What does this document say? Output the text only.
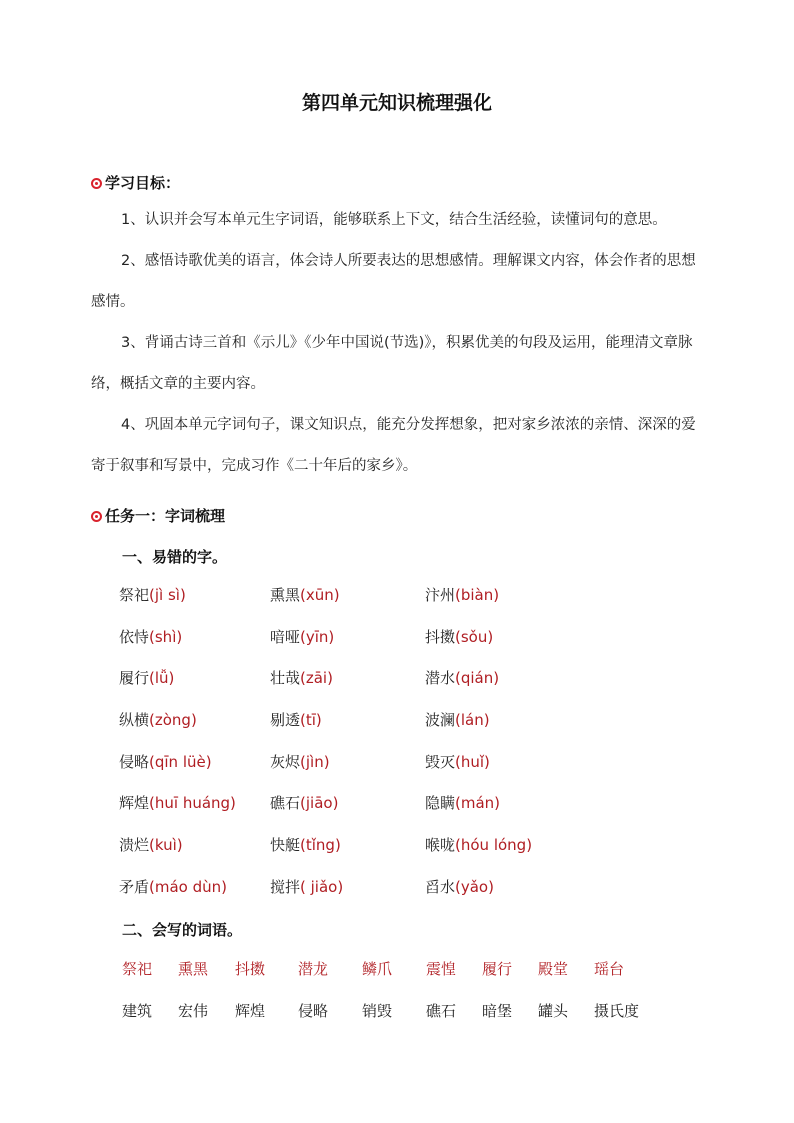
第四单元知识梳理强化
学习目标：

1、认识并会写本单元生字词语，能够联系上下文，结合生活经验，读懂词句的意思。

2、感悟诗歌优美的语言，体会诗人所要表达的思想感情。理解课文内容，体会作者的思想感情。

3、背诵古诗三首和《示儿》《少年中国说(节选)》，积累优美的句段及运用，能理清文章脉络，概括文章的主要内容。

4、巩固本单元字词句子，课文知识点，能充分发挥想象，把对家乡浓浓的亲情、深深的爱寄于叙事和写景中，完成习作《二十年后的家乡》。

任务一：字词梳理
一、易错的字。
祭祀(jì sì)	熏黑(xūn)	汴州(biàn)
依恃(shì)	喑哑(yīn)	抖擞(sǒu)
履行(lǚ)	壮哉(zāi)	潜水(qián)
纵横(zòng)	剔透(tī)	波澜(lán)
侵略(qīn lüè)	灰烬(jìn)	毁灭(huǐ)
辉煌(huī huáng) 礁石(jiāo)	隐瞒(mán)
溃烂(kuì)	快艇(tǐng)	喉咙(hóu lóng)
矛盾(máo dùn)	搅拌( jiǎo)	舀水(yǎo)
二、会写的词语。
祭祀 熏黑 抖擞 潜龙 鳞爪 震惶 履行 殿堂 瑶台
建筑 宏伟 辉煌 侵略 销毁 礁石 暗堡 罐头 摄氏度
